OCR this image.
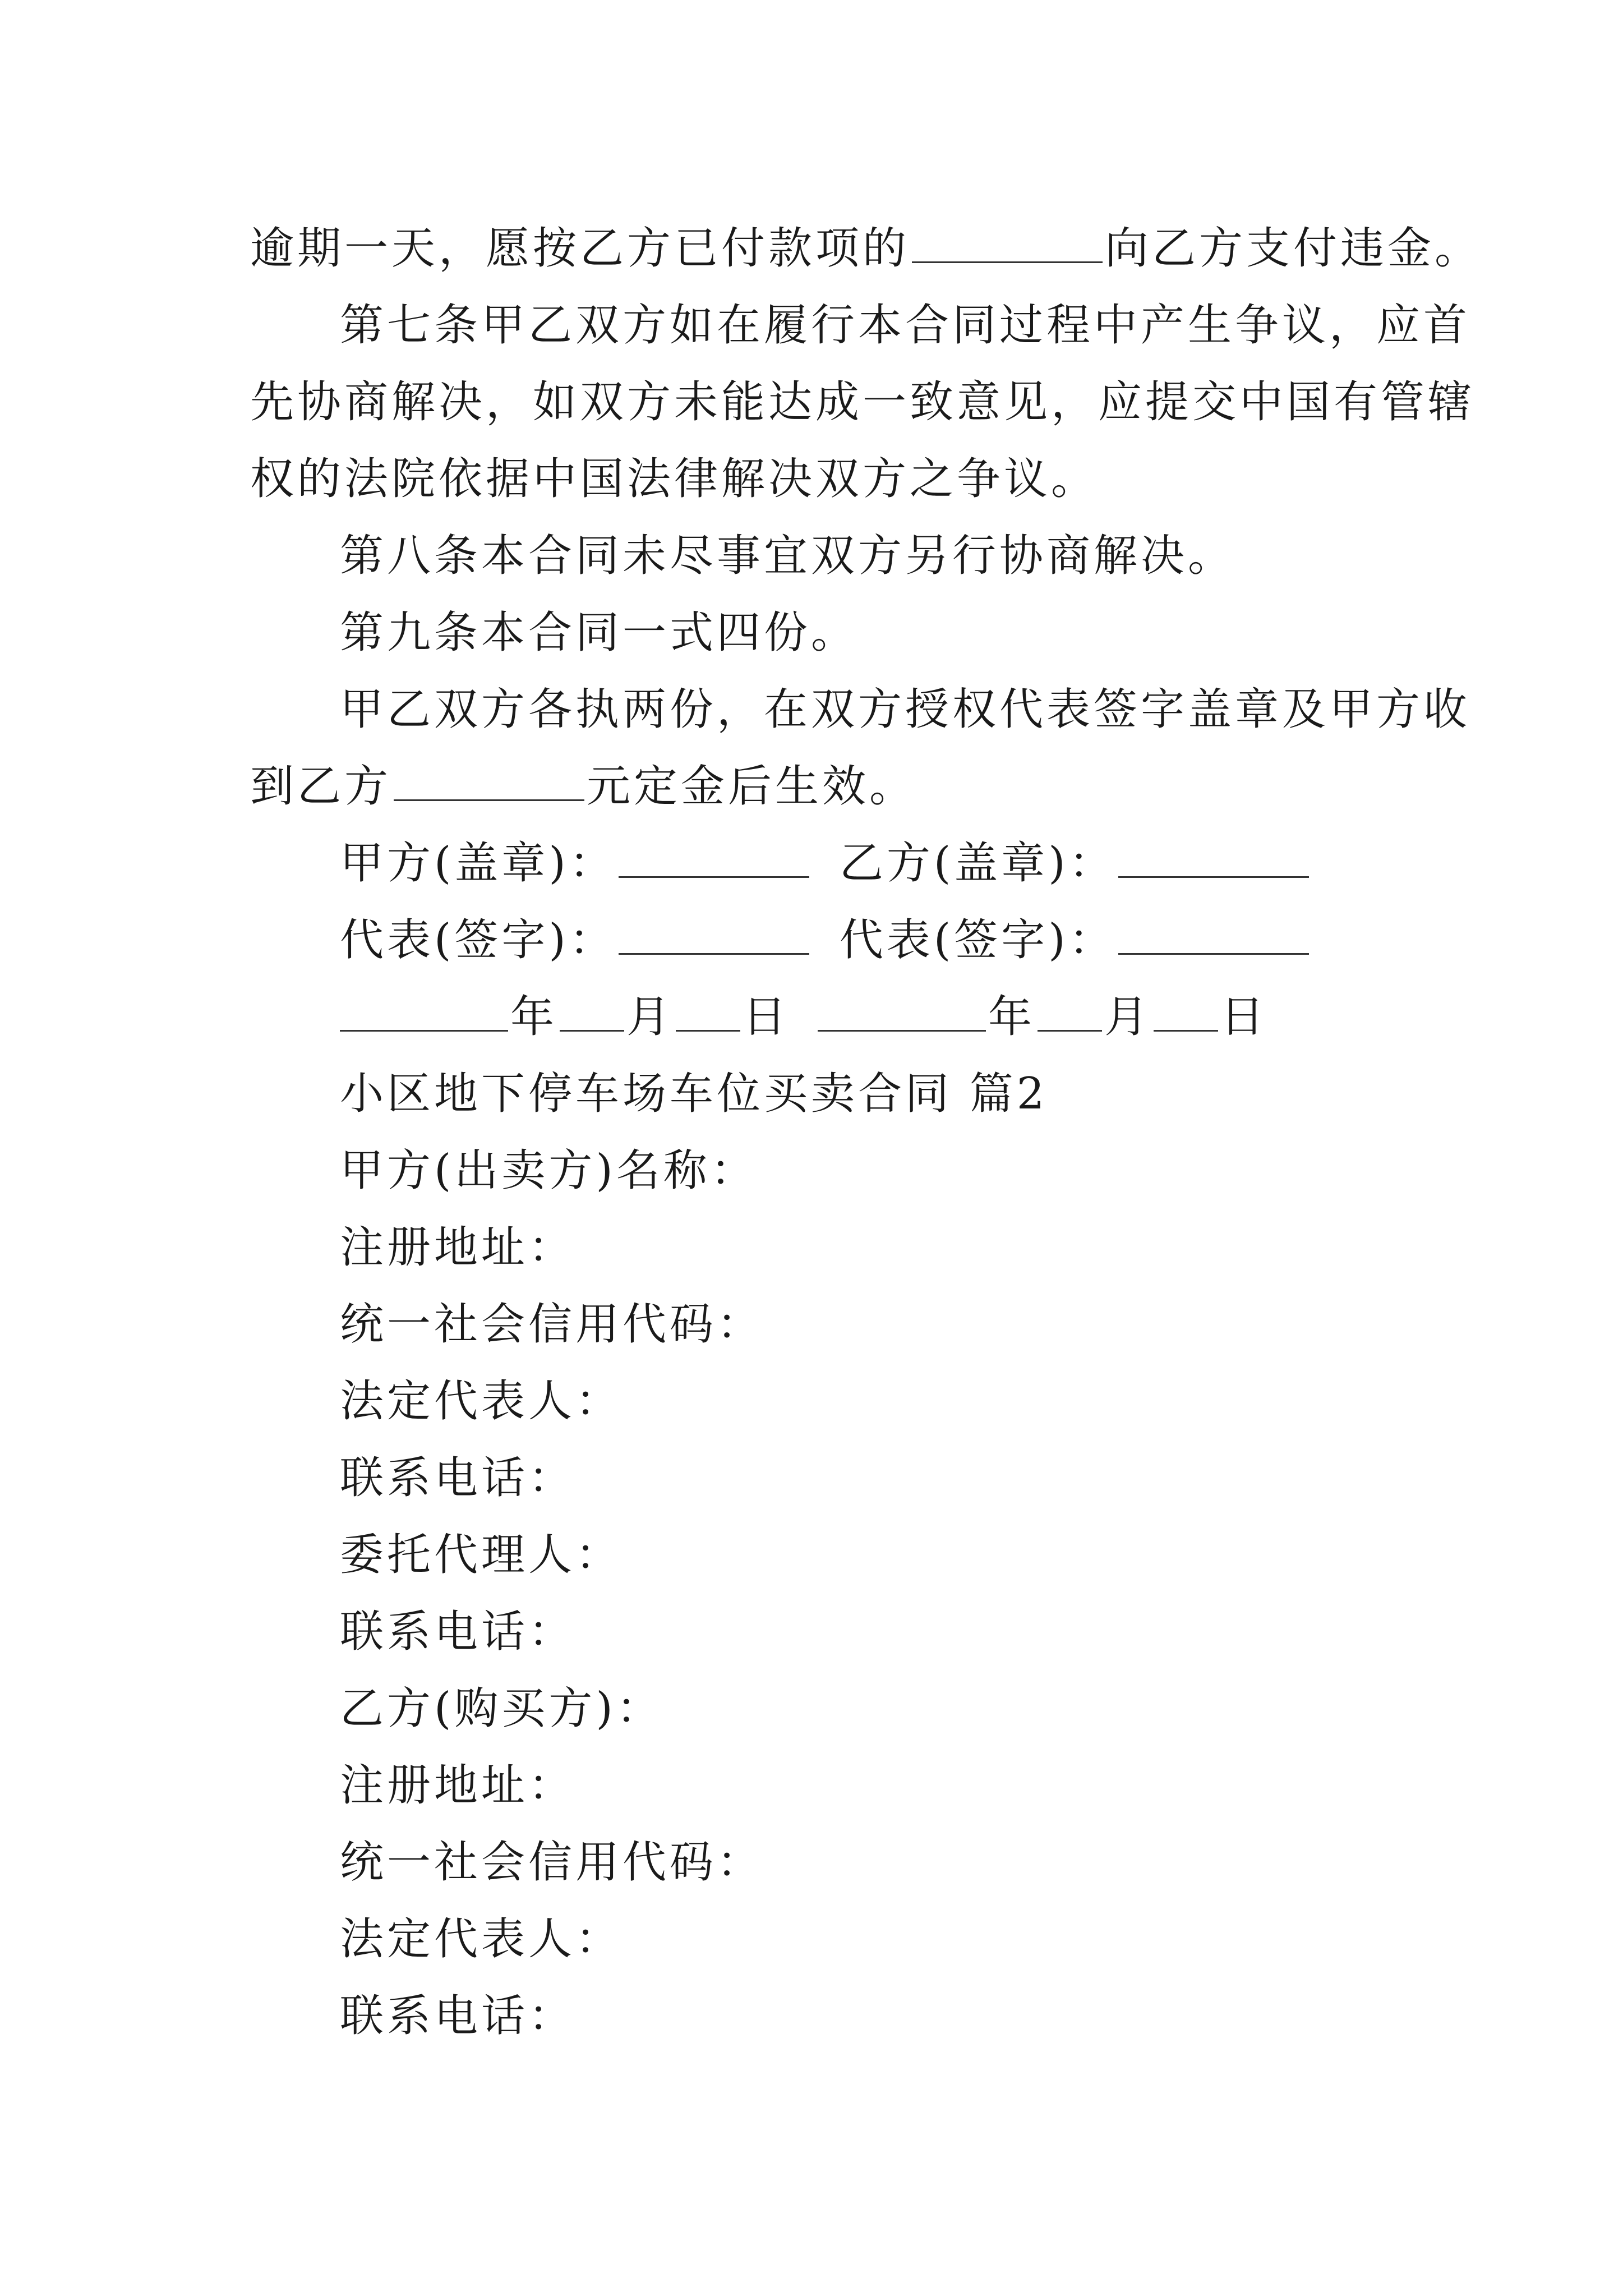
逾期一天，愿按乙方已付款项的	向乙方支付违金。
第七条甲乙双方如在履行本合同过程中产生争议，应首
先协商解决，如双方未能达成一致意见，应提交中国有管辖
权的法院依据中国法律解决双方之争议。
第八条本合同未尽事宜双方另行协商解决。
第九条本合同一式四份。
甲乙双方各执两份，在双方授权代表签字盖章及甲方收
到乙方	元定金后生效。
甲方(盖章)：	乙方(盖章)：
代表(签字)：	代表(签字)：
年 月 日	年 月 日
小区地下停车场车位买卖合同 篇2
甲方(出卖方)名称：
注册地址：
统一社会信用代码：
法定代表人：
联系电话：
委托代理人：
联系电话：
乙方(购买方)：
注册地址：
统一社会信用代码：
法定代表人：
联系电话：
